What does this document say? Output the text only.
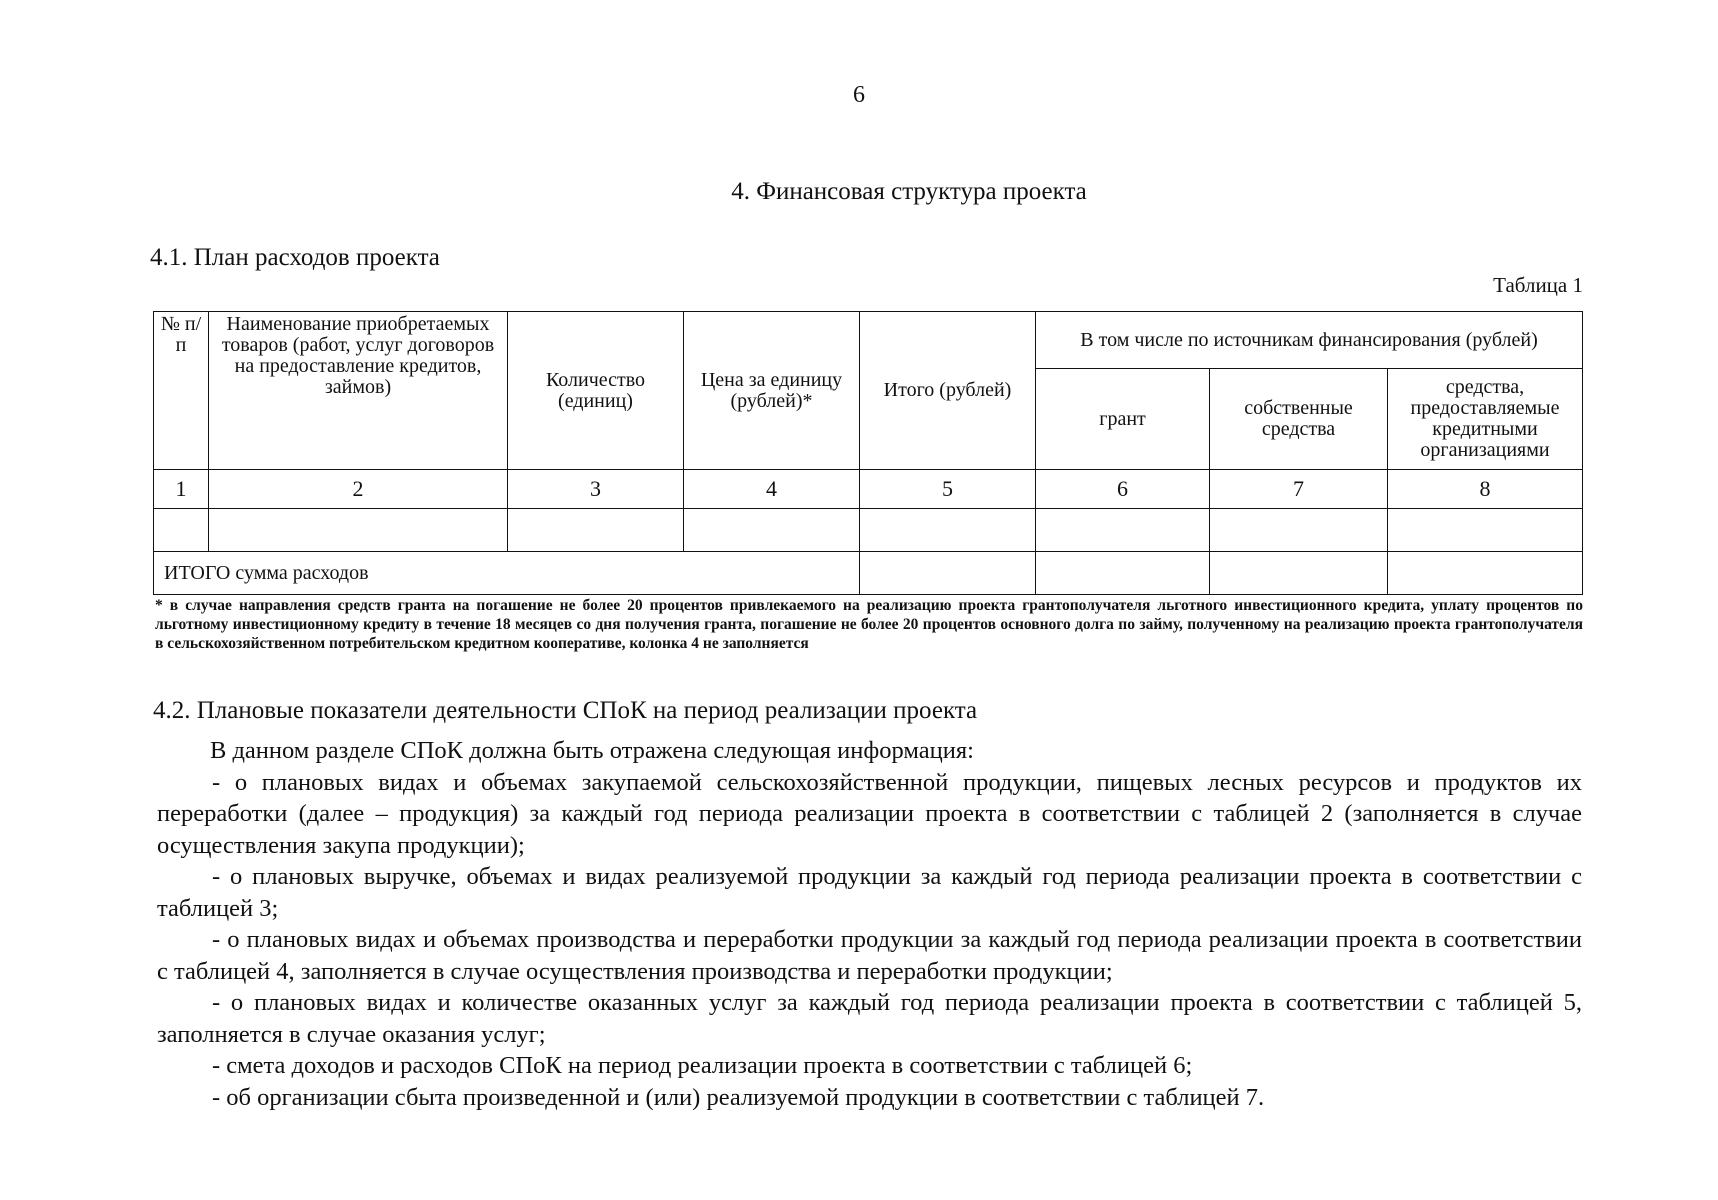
6
4. Финансовая структура проекта
4.1. План расходов проекта
Таблица 1
№ п/п	Наименование приобретаемых товаров (работ, услуг договоров на предоставление кредитов, займов)	Количество (единиц)	Цена за единицу (рублей)*	Итого (рублей)	В том числе по источникам финансирования (рублей)		
					грант	собственные средства	средства, предоставляемые кредитными организациями
1	2	3	4	5	6	7	8

ИТОГО сумма расходов							
* в случае направления средств гранта на погашение не более 20 процентов привлекаемого на реализацию проекта грантополучателя льготного инвестиционного кредита, уплату процентов по льготному инвестиционному кредиту в течение 18 месяцев со дня получения гранта, погашение не более 20 процентов основного долга по займу, полученному на реализацию проекта грантополучателя в сельскохозяйственном потребительском кредитном кооперативе, колонка 4 не заполняется
4.2. Плановые показатели деятельности СПоК на период реализации проекта

В данном разделе СПоК должна быть отражена следующая информация:

- о плановых видах и объемах закупаемой сельскохозяйственной продукции, пищевых лесных ресурсов и продуктов их переработки (далее – продукция) за каждый год периода реализации проекта в соответствии с таблицей 2 (заполняется в случае осуществления закупа продукции);

- о плановых выручке, объемах и видах реализуемой продукции за каждый год периода реализации проекта в соответствии с таблицей 3;

- о плановых видах и объемах производства и переработки продукции за каждый год периода реализации проекта в соответствии с таблицей 4, заполняется в случае осуществления производства и переработки продукции;

- о плановых видах и количестве оказанных услуг за каждый год периода реализации проекта в соответствии с таблицей 5, заполняется в случае оказания услуг;

- смета доходов и расходов СПоК на период реализации проекта в соответствии с таблицей 6;

- об организации сбыта произведенной и (или) реализуемой продукции в соответствии с таблицей 7.
